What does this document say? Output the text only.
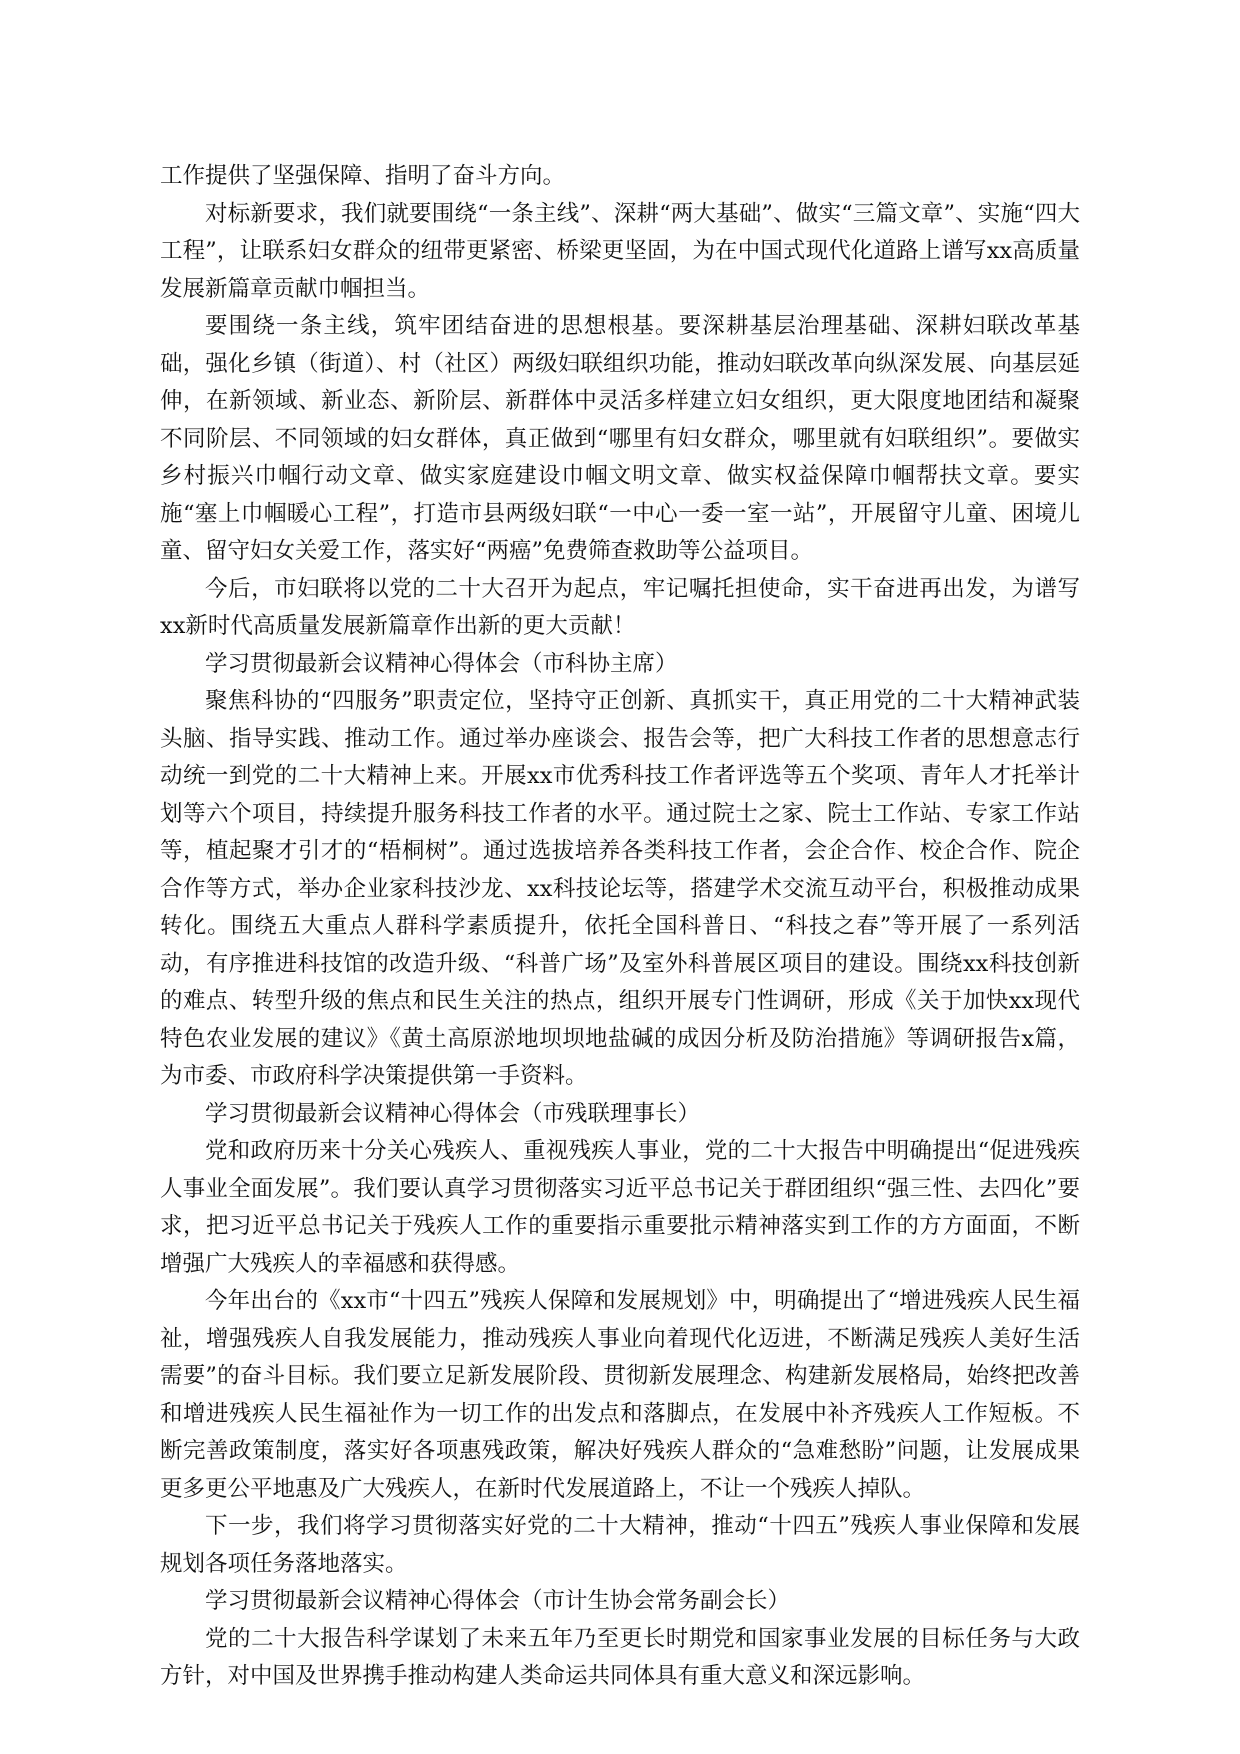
工作提供了坚强保障、指明了奋斗方向。

对标新要求，我们就要围绕“一条主线”、深耕“两大基础”、做实“三篇文章”、实施“四大工程”，让联系妇女群众的纽带更紧密、桥梁更坚固，为在中国式现代化道路上谱写xx高质量发展新篇章贡献巾帼担当。

要围绕一条主线，筑牢团结奋进的思想根基。要深耕基层治理基础、深耕妇联改革基础，强化乡镇（街道）、村（社区）两级妇联组织功能，推动妇联改革向纵深发展、向基层延伸，在新领域、新业态、新阶层、新群体中灵活多样建立妇女组织，更大限度地团结和凝聚不同阶层、不同领域的妇女群体，真正做到“哪里有妇女群众，哪里就有妇联组织”。要做实乡村振兴巾帼行动文章、做实家庭建设巾帼文明文章、做实权益保障巾帼帮扶文章。要实施“塞上巾帼暖心工程”，打造市县两级妇联“一中心一委一室一站”，开展留守儿童、困境儿童、留守妇女关爱工作，落实好“两癌”免费筛查救助等公益项目。

今后，市妇联将以党的二十大召开为起点，牢记嘱托担使命，实干奋进再出发，为谱写xx新时代高质量发展新篇章作出新的更大贡献！

学习贯彻最新会议精神心得体会（市科协主席）

聚焦科协的“四服务”职责定位，坚持守正创新、真抓实干，真正用党的二十大精神武装头脑、指导实践、推动工作。通过举办座谈会、报告会等，把广大科技工作者的思想意志行动统一到党的二十大精神上来。开展xx市优秀科技工作者评选等五个奖项、青年人才托举计划等六个项目，持续提升服务科技工作者的水平。通过院士之家、院士工作站、专家工作站等，植起聚才引才的“梧桐树”。通过选拔培养各类科技工作者，会企合作、校企合作、院企合作等方式，举办企业家科技沙龙、xx科技论坛等，搭建学术交流互动平台，积极推动成果转化。围绕五大重点人群科学素质提升，依托全国科普日、“科技之春”等开展了一系列活动，有序推进科技馆的改造升级、“科普广场”及室外科普展区项目的建设。围绕xx科技创新的难点、转型升级的焦点和民生关注的热点，组织开展专门性调研，形成《关于加快xx现代特色农业发展的建议》《黄土高原淤地坝坝地盐碱的成因分析及防治措施》等调研报告x篇，为市委、市政府科学决策提供第一手资料。

学习贯彻最新会议精神心得体会（市残联理事长）

党和政府历来十分关心残疾人、重视残疾人事业，党的二十大报告中明确提出“促进残疾人事业全面发展”。我们要认真学习贯彻落实习近平总书记关于群团组织“强三性、去四化”要求，把习近平总书记关于残疾人工作的重要指示重要批示精神落实到工作的方方面面，不断增强广大残疾人的幸福感和获得感。

今年出台的《xx市“十四五”残疾人保障和发展规划》中，明确提出了“增进残疾人民生福祉，增强残疾人自我发展能力，推动残疾人事业向着现代化迈进，不断满足残疾人美好生活需要”的奋斗目标。我们要立足新发展阶段、贯彻新发展理念、构建新发展格局，始终把改善和增进残疾人民生福祉作为一切工作的出发点和落脚点，在发展中补齐残疾人工作短板。不断完善政策制度，落实好各项惠残政策，解决好残疾人群众的“急难愁盼”问题，让发展成果更多更公平地惠及广大残疾人，在新时代发展道路上，不让一个残疾人掉队。

下一步，我们将学习贯彻落实好党的二十大精神，推动“十四五”残疾人事业保障和发展规划各项任务落地落实。

学习贯彻最新会议精神心得体会（市计生协会常务副会长）

党的二十大报告科学谋划了未来五年乃至更长时期党和国家事业发展的目标任务与大政方针，对中国及世界携手推动构建人类命运共同体具有重大意义和深远影响。
